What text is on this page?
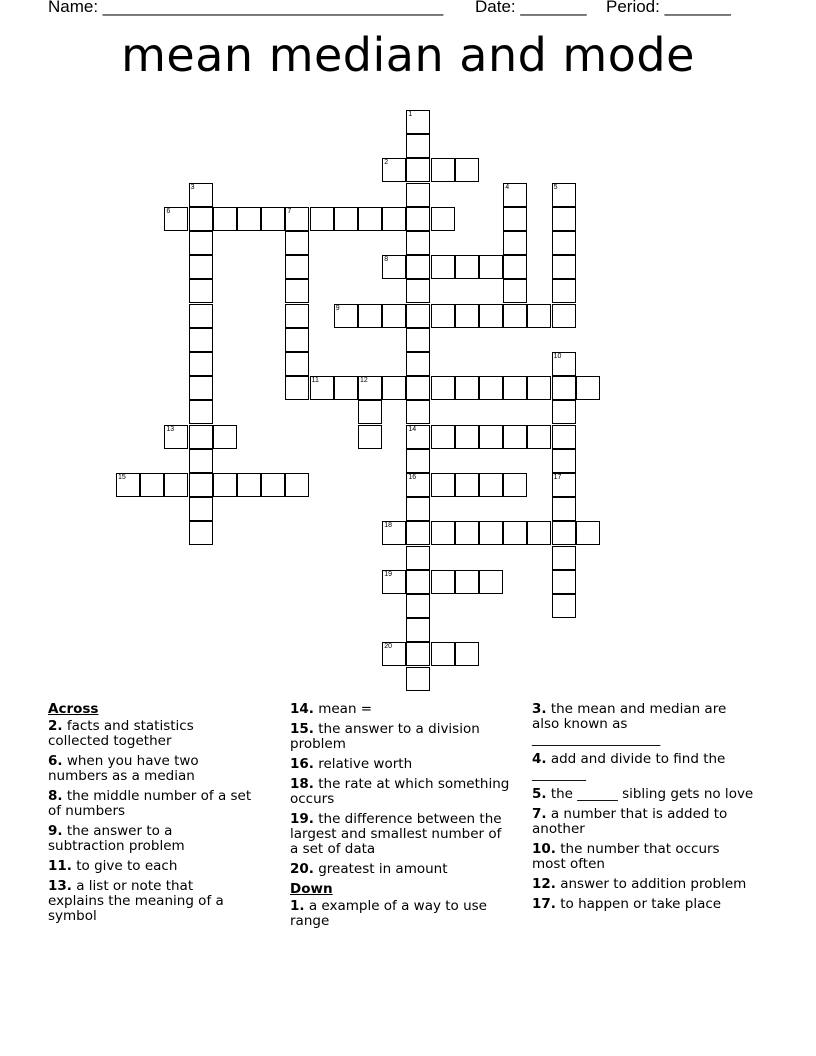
Name: ____________________________________ Date: _______ Period: _______
mean median and mode
1
14
16
2
3	4	5
6	7
8
9
10
11	12
13
15	17
18
19
20
Across
2. facts and statistics collected together
6. when you have two numbers as a median
8. the middle number of a set of numbers
9. the answer to a subtraction problem
11. to give to each
13. a list or note that explains the meaning of a symbol
14. mean =
15. the answer to a division problem
16. relative worth
18. the rate at which something occurs
19. the difference between the largest and smallest number of a set of data
20. greatest in amount
Down
1. a example of a way to use range
3. the mean and median are also known as ___________________
4. add and divide to find the ________
5. the ______ sibling gets no love
7. a number that is added to another
10. the number that occurs most often
12. answer to addition problem
17. to happen or take place
